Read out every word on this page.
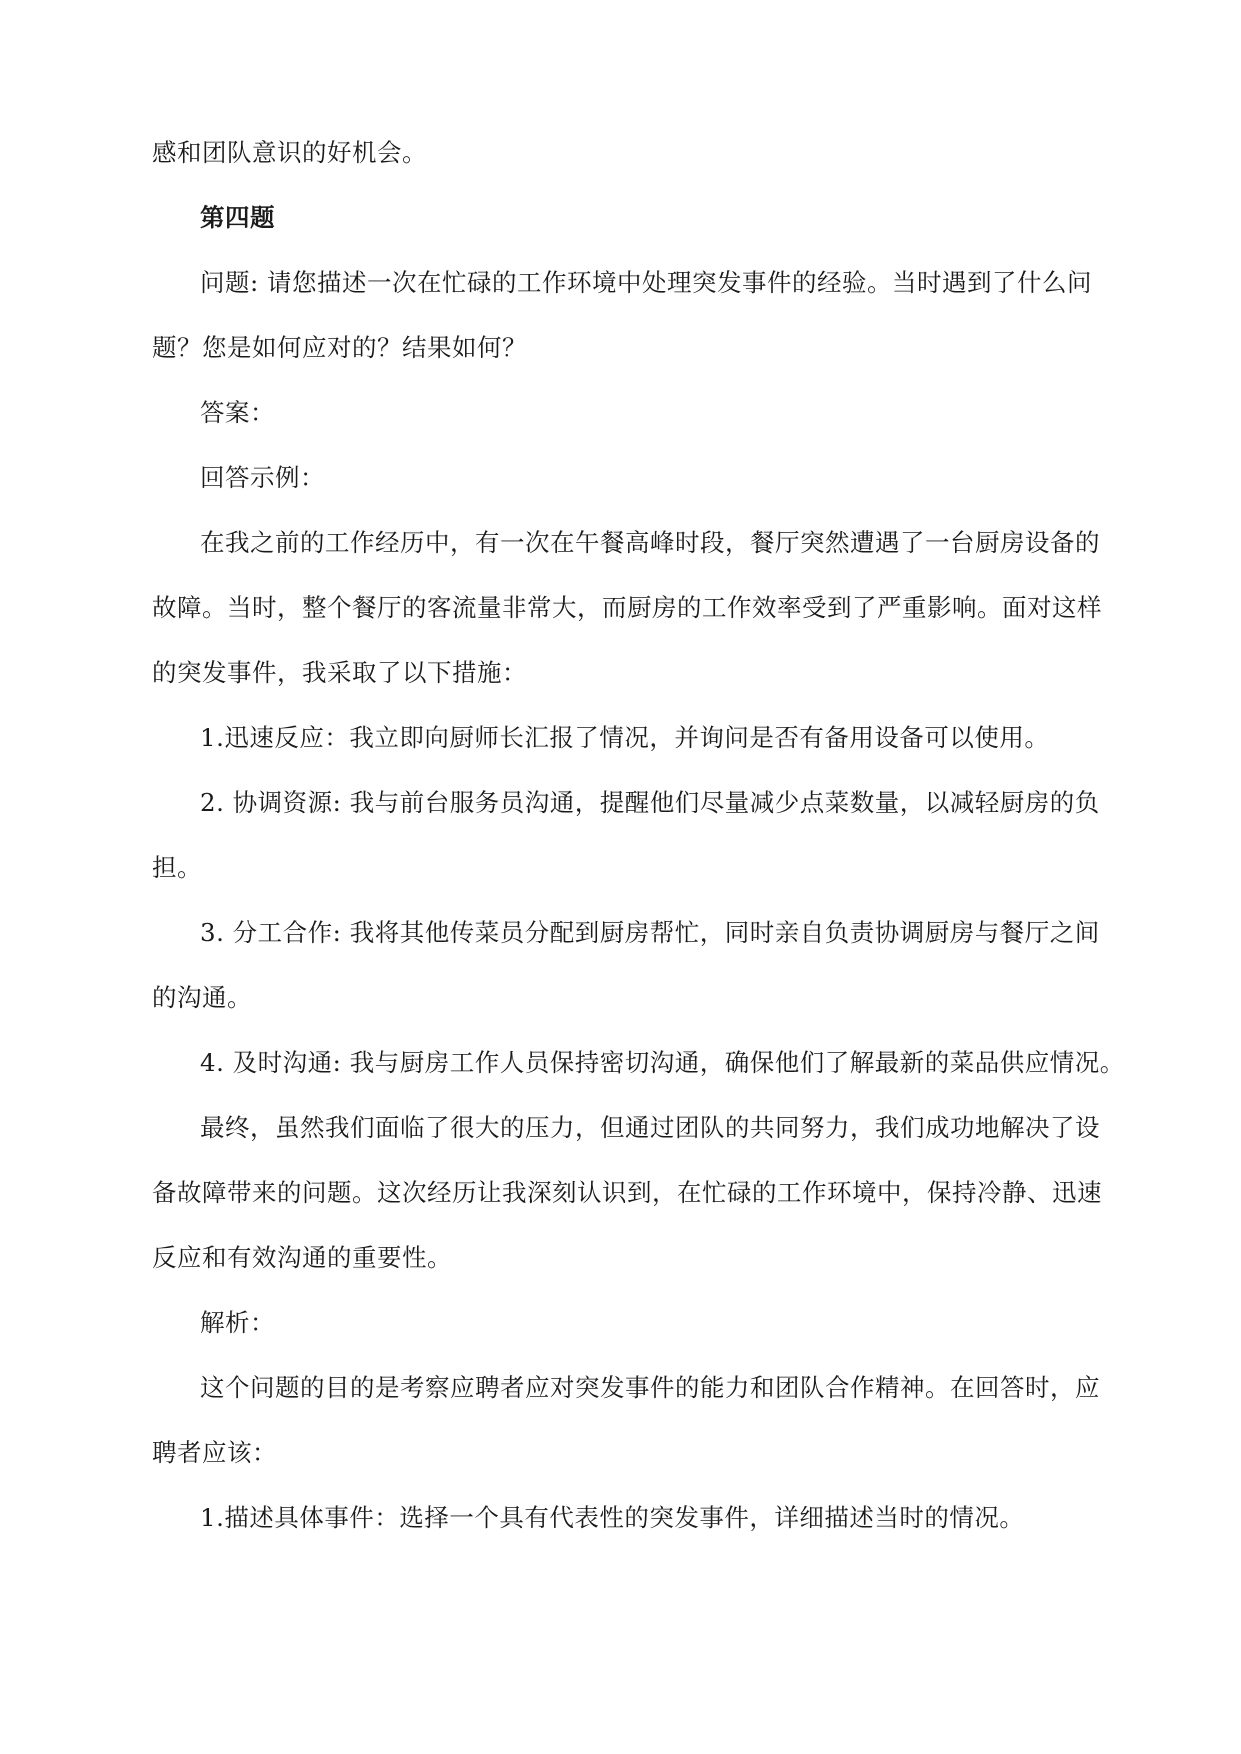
感和团队意识的好机会。
第四题
问题: 请您描述一次在忙碌的工作环境中处理突发事件的经验。当时遇到了什么问
题？您是如何应对的？结果如何？
答案：
回答示例：
在我之前的工作经历中，有一次在午餐高峰时段，餐厅突然遭遇了一台厨房设备的
故障。当时，整个餐厅的客流量非常大，而厨房的工作效率受到了严重影响。面对这样
的突发事件，我采取了以下措施：
1.迅速反应：我立即向厨师长汇报了情况，并询问是否有备用设备可以使用。
2. 协调资源: 我与前台服务员沟通，提醒他们尽量减少点菜数量，以减轻厨房的负
担。
3. 分工合作: 我将其他传菜员分配到厨房帮忙，同时亲自负责协调厨房与餐厅之间
的沟通。
4. 及时沟通: 我与厨房工作人员保持密切沟通，确保他们了解最新的菜品供应情况。
最终，虽然我们面临了很大的压力，但通过团队的共同努力，我们成功地解决了设
备故障带来的问题。这次经历让我深刻认识到，在忙碌的工作环境中，保持冷静、迅速
反应和有效沟通的重要性。
解析：
这个问题的目的是考察应聘者应对突发事件的能力和团队合作精神。在回答时，应
聘者应该：
1.描述具体事件：选择一个具有代表性的突发事件，详细描述当时的情况。
